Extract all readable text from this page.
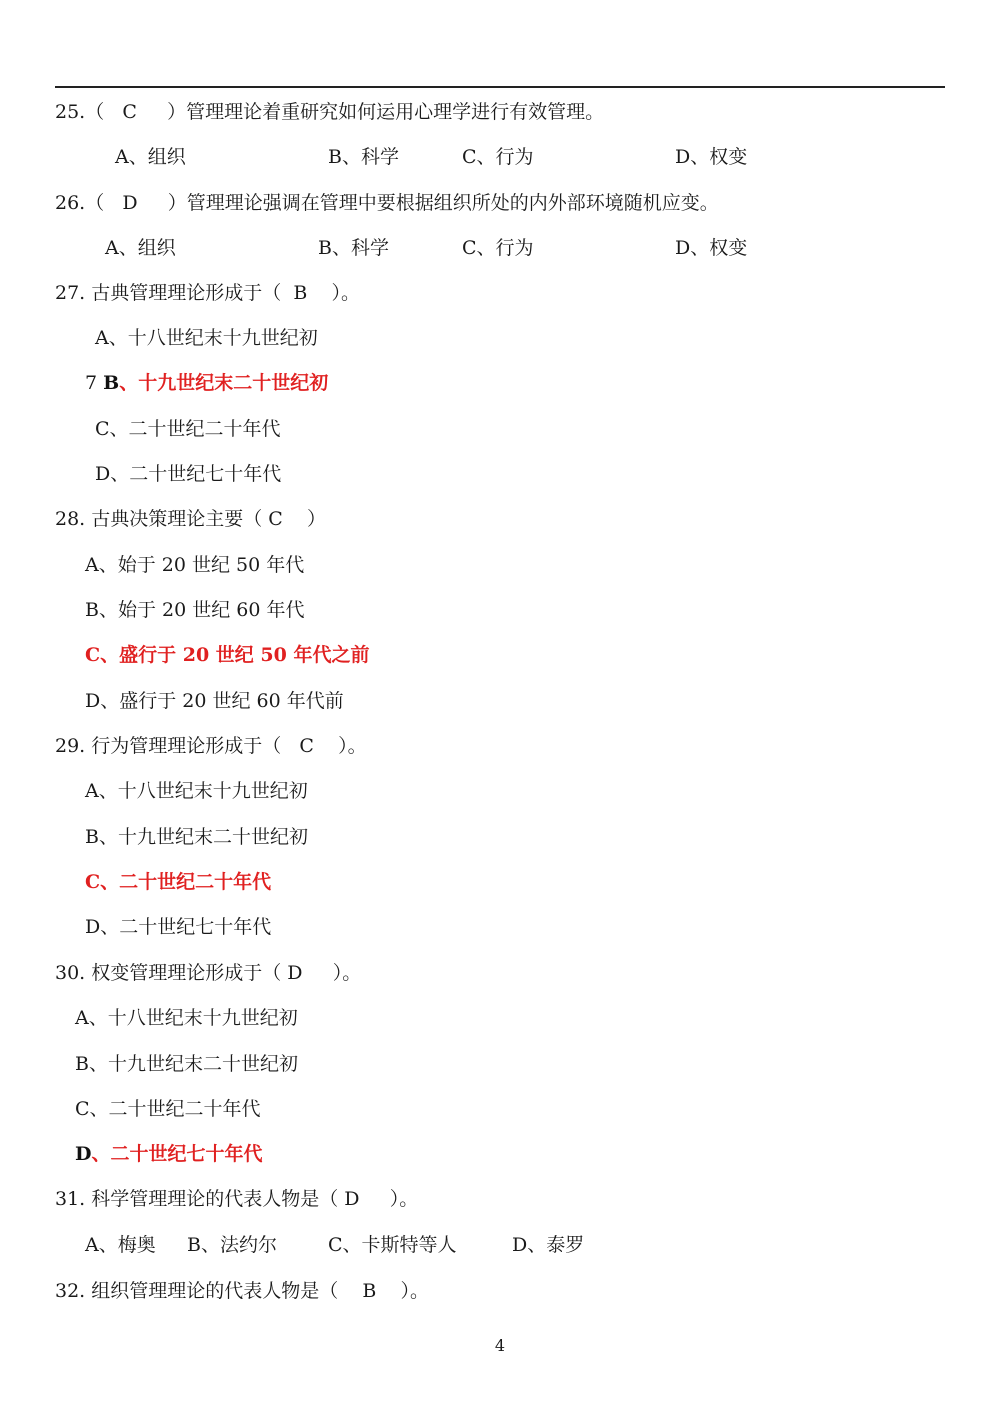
25.（   C     ）管理理论着重研究如何运用心理学进行有效管理。
A、组织	B、科学	C、行为	D、权变
26.（   D     ）管理理论强调在管理中要根据组织所处的内外部环境随机应变。
A、组织	B、科学	C、行为	D、权变
27. 古典管理理论形成于（  B    ）。
A、十八世纪末十九世纪初
7 B、十九世纪末二十世纪初
C、二十世纪二十年代
D、二十世纪七十年代
28. 古典决策理论主要（ C    ）
A、始于 20 世纪 50 年代
B、始于 20 世纪 60 年代
C、盛行于 20 世纪 50 年代之前
D、盛行于 20 世纪 60 年代前
29. 行为管理理论形成于（   C    ）。
A、十八世纪末十九世纪初
B、十九世纪末二十世纪初
C、二十世纪二十年代
D、二十世纪七十年代
30. 权变管理理论形成于（ D     ）。
A、十八世纪末十九世纪初
B、十九世纪末二十世纪初
C、二十世纪二十年代
D、二十世纪七十年代
31. 科学管理理论的代表人物是（ D     ）。
A、梅奥 B、法约尔	C、卡斯特等人	D、泰罗
32. 组织管理理论的代表人物是（    B    ）。
4
